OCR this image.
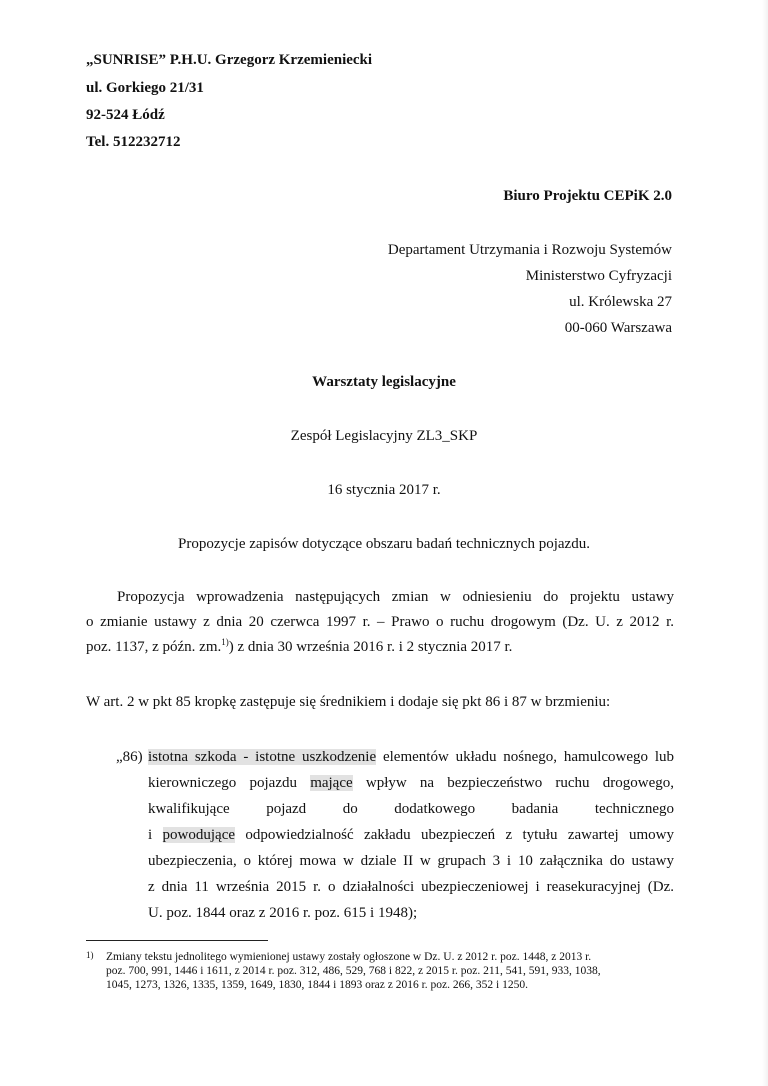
„SUNRISE” P.H.U. Grzegorz Krzemieniecki
ul. Gorkiego 21/31
92-524 Łódź
Tel. 512232712
Biuro Projektu CEPiK 2.0
Departament Utrzymania i Rozwoju Systemów
Ministerstwo Cyfryzacji
ul. Królewska 27
00-060 Warszawa
Warsztaty legislacyjne
Zespół Legislacyjny ZL3_SKP
16 stycznia 2017 r.
Propozycje zapisów dotyczące obszaru badań technicznych pojazdu.
Propozycja wprowadzenia następujących zmian w odniesieniu do projektu ustawy
o zmianie ustawy z dnia 20 czerwca 1997 r. – Prawo o ruchu drogowym (Dz. U. z 2012 r.
poz. 1137, z późn. zm.$^{1)}$) z dnia 30 września 2016 r. i 2 stycznia 2017 r.
W art. 2 w pkt 85 kropkę zastępuje się średnikiem i dodaje się pkt 86 i 87 w brzmieniu:
„86) istotna szkoda - istotne uszkodzenie elementów układu nośnego, hamulcowego lub
kierowniczego pojazdu mające wpływ na bezpieczeństwo ruchu drogowego,
kwalifikujące pojazd do dodatkowego badania technicznego
i powodujące odpowiedzialność zakładu ubezpieczeń z tytułu zawartej umowy
ubezpieczenia, o której mowa w dziale II w grupach 3 i 10 załącznika do ustawy
z dnia 11 września 2015 r. o działalności ubezpieczeniowej i reasekuracyjnej (Dz.
U. poz. 1844 oraz z 2016 r. poz. 615 i 1948);
1) Zmiany tekstu jednolitego wymienionej ustawy zostały ogłoszone w Dz. U. z 2012 r. poz. 1448, z 2013 r.
poz. 700, 991, 1446 i 1611, z 2014 r. poz. 312, 486, 529, 768 i 822, z 2015 r. poz. 211, 541, 591, 933, 1038,
1045, 1273, 1326, 1335, 1359, 1649, 1830, 1844 i 1893 oraz z 2016 r. poz. 266, 352 i 1250.
